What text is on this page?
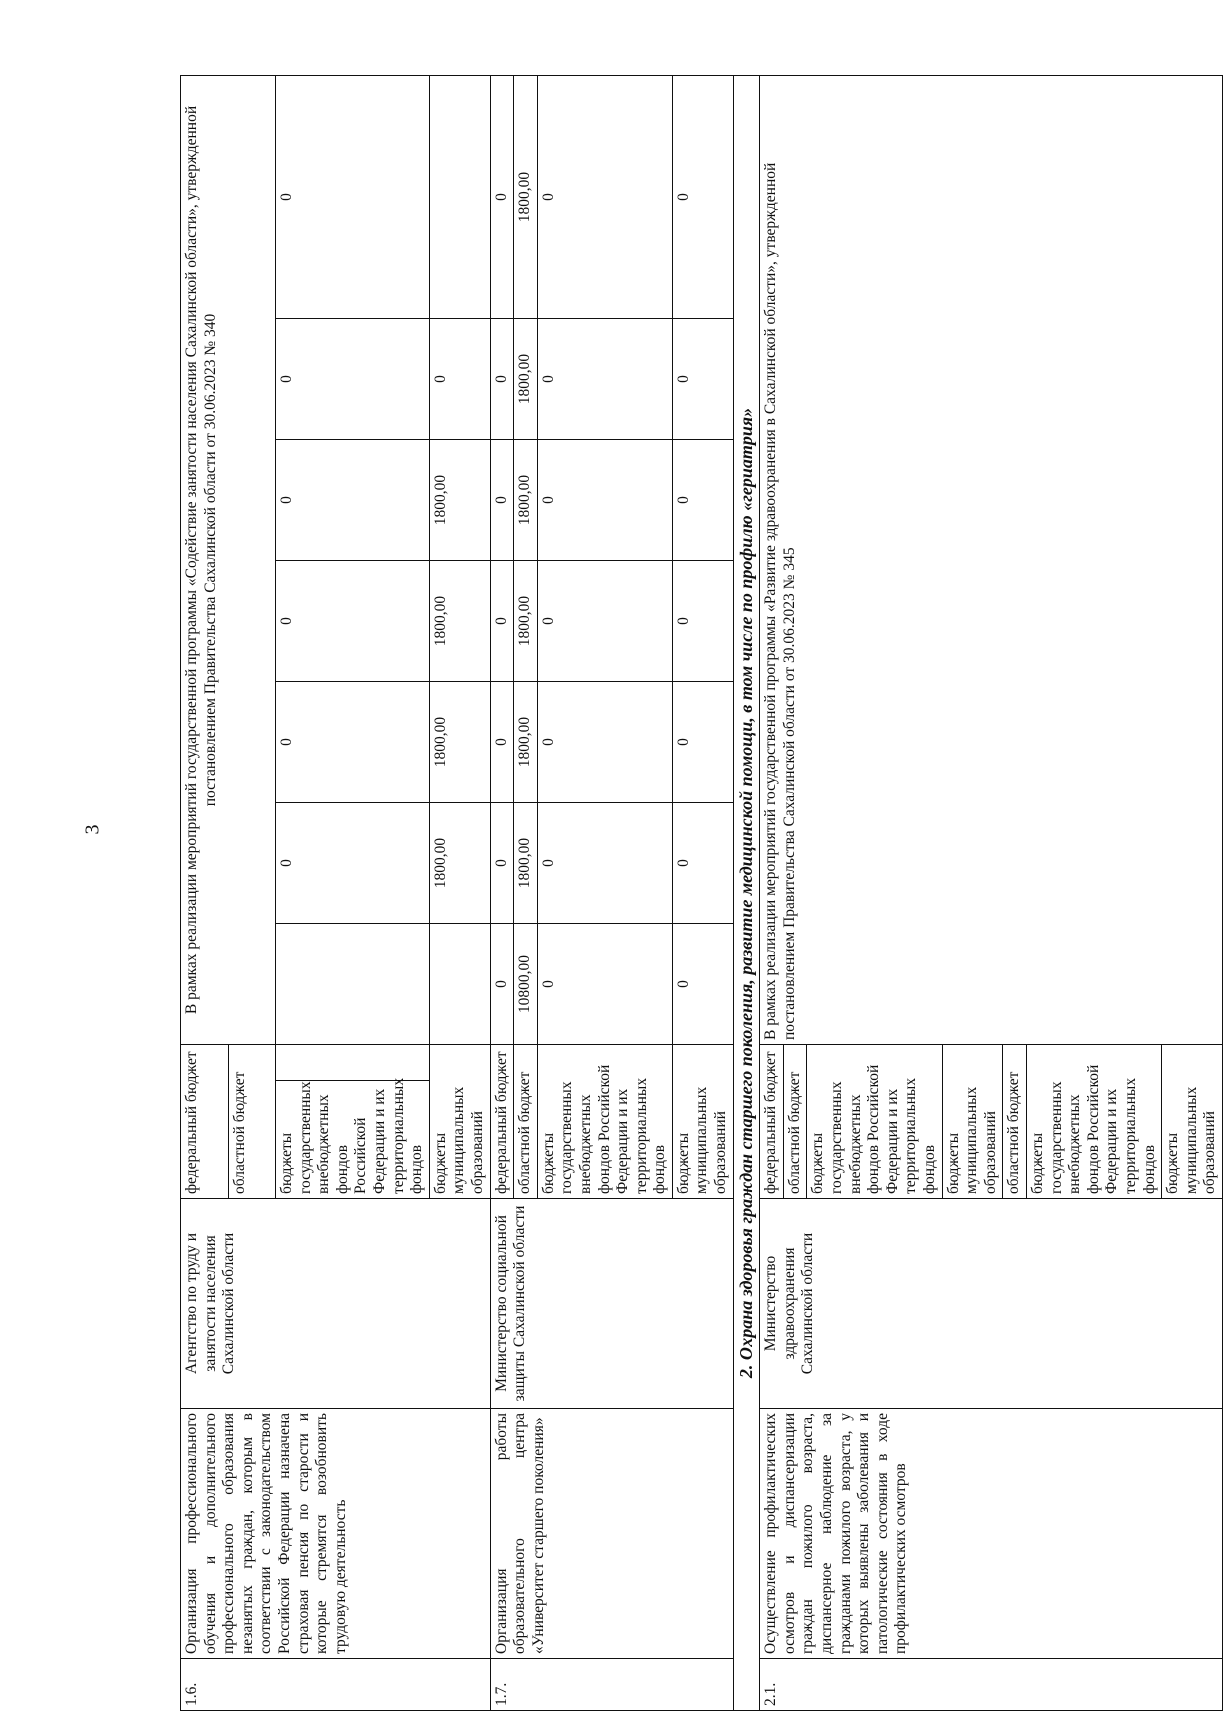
3
1.6.	Организация профессионального обучения и дополнительного профессионального образования незанятых граждан, которым в соответствии с законодательством Российской Федерации назначена страховая пенсия по старости и которые стремятся возобновить трудовую деятельность	Агентство по труду и занятости населения Сахалинской области	федеральный бюджет		В рамках реализации мероприятий государственной программы «Содействие занятости населения Сахалинской области», утвержденной постановлением Правительства Сахалинской области от 30.06.2023 № 340						
			областной бюджет								
			бюджеты государственных внебюджетных фондов Российской Федерации и их территориальных фондов			0	0	0	0	0	0
			бюджеты муниципальных образований			1800,00	1800,00	1800,00	1800,00	0	
1.7.	Организация работы образовательного центра «Университет старшего поколения»	Министерство социальной защиты Сахалинской области	федеральный бюджет		0	0	0	0	0	0	0
			областной бюджет		10800,00	1800,00	1800,00	1800,00	1800,00	1800,00	1800,00
			бюджеты государственных внебюджетных фондов Российской Федерации и их территориальных фондов		0	0	0	0	0	0	0
			бюджеты муниципальных образований		0	0	0	0	0	0	0
2. Охрана здоровья граждан старшего поколения, развитие медицинской помощи, в том числе по профилю «гериатрия»											
2.1.	Осуществление профилактических осмотров и диспансеризации граждан пожилого возраста, диспансерное наблюдение за гражданами пожилого возраста, у которых выявлены заболевания и патологические состояния в ходе профилактических осмотров	Министерство здравоохранения Сахалинской области	федеральный бюджет		В рамках реализации мероприятий государственной программы «Развитие здравоохранения в Сахалинской области», утвержденной постановлением Правительства Сахалинской области от 30.06.2023 № 345						
			областной бюджет								
			бюджеты государственных внебюджетных фондов Российской Федерации и их территориальных фондов								
			бюджеты муниципальных образований								
			областной бюджет								
			бюджеты государственных внебюджетных фондов Российской Федерации и их территориальных фондов								
			бюджеты муниципальных образований								
